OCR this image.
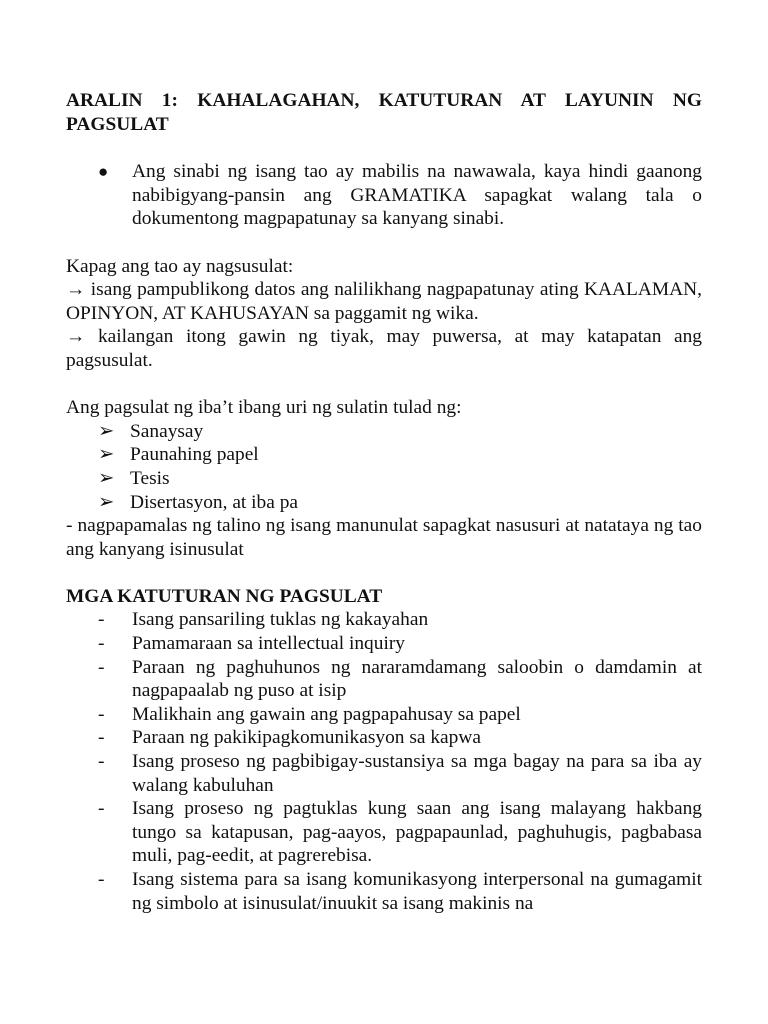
ARALIN 1: KAHALAGAHAN, KATUTURAN AT LAYUNIN NG PAGSULAT
●	Ang sinabi ng isang tao ay mabilis na nawawala, kaya hindi gaanong nabibigyang-pansin ang GRAMATIKA sapagkat walang tala o dokumentong magpapatunay sa kanyang sinabi.

Kapag ang tao ay nagsusulat:

→ isang pampublikong datos ang nalilikhang nagpapatunay ating KAALAMAN, OPINYON, AT KAHUSAYAN sa paggamit ng wika.

→ kailangan itong gawin ng tiyak, may puwersa, at may katapatan ang pagsusulat.

Ang pagsulat ng iba’t ibang uri ng sulatin tulad ng:

➢ Sanaysay
➢ Paunahing papel
➢ Tesis
➢ Disertasyon, at iba pa

- nagpapamalas ng talino ng isang manunulat sapagkat nasusuri at natataya ng tao ang kanyang isinusulat

MGA KATUTURAN NG PAGSULAT
-	Isang pansariling tuklas ng kakayahan
-	Pamamaraan sa intellectual inquiry
-	Paraan ng paghuhunos ng nararamdamang saloobin o damdamin at nagpapaalab ng puso at isip
-	Malikhain ang gawain ang pagpapahusay sa papel
-	Paraan ng pakikipagkomunikasyon sa kapwa
-	Isang proseso ng pagbibigay-sustansiya sa mga bagay na para sa iba ay walang kabuluhan
-	Isang proseso ng pagtuklas kung saan ang isang malayang hakbang tungo sa katapusan, pag-aayos, pagpapaunlad, paghuhugis, pagbabasa muli, pag-eedit, at pagrerebisa.
-	Isang sistema para sa isang komunikasyong interpersonal na gumagamit ng simbolo at isinusulat/inuukit sa isang makinis na
